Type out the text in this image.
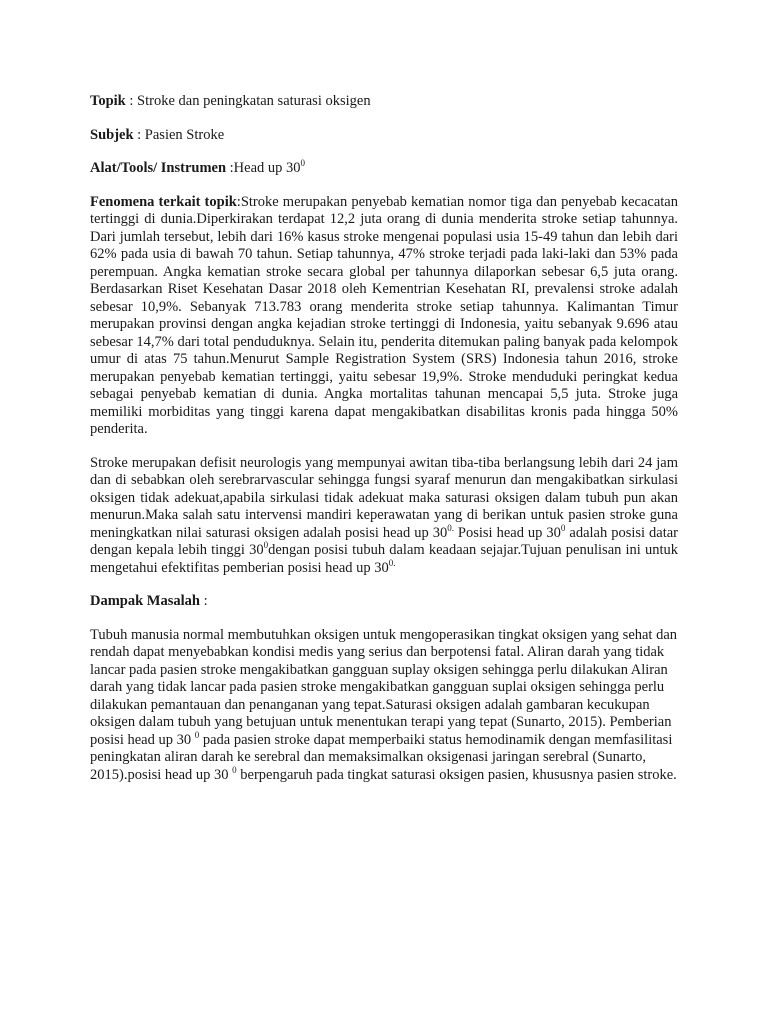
Topik : Stroke dan peningkatan saturasi oksigen

Subjek : Pasien Stroke

Alat/Tools/ Instrumen :Head up $30^0$

Fenomena terkait topik:Stroke merupakan penyebab kematian nomor tiga dan penyebab kecacatan tertinggi di dunia.Diperkirakan terdapat 12,2 juta orang di dunia menderita stroke setiap tahunnya. Dari jumlah tersebut, lebih dari 16% kasus stroke mengenai populasi usia 15-49 tahun dan lebih dari 62% pada usia di bawah 70 tahun. Setiap tahunnya, 47% stroke terjadi pada laki-laki dan 53% pada perempuan. Angka kematian stroke secara global per tahunnya dilaporkan sebesar 6,5 juta orang. Berdasarkan Riset Kesehatan Dasar 2018 oleh Kementrian Kesehatan RI, prevalensi stroke adalah sebesar 10,9%. Sebanyak 713.783 orang menderita stroke setiap tahunnya. Kalimantan Timur merupakan provinsi dengan angka kejadian stroke tertinggi di Indonesia, yaitu sebanyak 9.696 atau sebesar 14,7% dari total penduduknya. Selain itu, penderita ditemukan paling banyak pada kelompok umur di atas 75 tahun.Menurut Sample Registration System (SRS) Indonesia tahun 2016, stroke merupakan penyebab kematian tertinggi, yaitu sebesar 19,9%. Stroke menduduki peringkat kedua sebagai penyebab kematian di dunia. Angka mortalitas tahunan mencapai 5,5 juta. Stroke juga memiliki morbiditas yang tinggi karena dapat mengakibatkan disabilitas kronis pada hingga 50% penderita.

Stroke merupakan defisit neurologis yang mempunyai awitan tiba-tiba berlangsung lebih dari 24 jam dan di sebabkan oleh serebrarvascular sehingga fungsi syaraf menurun dan mengakibatkan sirkulasi oksigen tidak adekuat,apabila sirkulasi tidak adekuat maka saturasi oksigen dalam tubuh pun akan menurun.Maka salah satu intervensi mandiri keperawatan yang di berikan untuk pasien stroke guna meningkatkan nilai saturasi oksigen adalah posisi head up $30^{0.}$ Posisi head up $30^0$ adalah posisi datar dengan kepala lebih tinggi $30^0dengan$ posisi tubuh dalam keadaan sejajar.Tujuan penulisan ini untuk mengetahui efektifitas pemberian posisi head up $30^{0.}$

Dampak Masalah :

Tubuh manusia normal membutuhkan oksigen untuk mengoperasikan tingkat oksigen yang sehat dan rendah dapat menyebabkan kondisi medis yang serius dan berpotensi fatal. Aliran darah yang tidak lancar pada pasien stroke mengakibatkan gangguan suplay oksigen sehingga perlu dilakukan Aliran darah yang tidak lancar pada pasien stroke mengakibatkan gangguan suplai oksigen sehingga perlu dilakukan pemantauan dan penanganan yang tepat.Saturasi oksigen adalah gambaran kecukupan oksigen dalam tubuh yang betujuan untuk menentukan terapi yang tepat (Sunarto, 2015). Pemberian posisi head up 30 $^0$ pada pasien stroke dapat memperbaiki status hemodinamik dengan memfasilitasi peningkatan aliran darah ke serebral dan memaksimalkan oksigenasi jaringan serebral (Sunarto, 2015).posisi head up 30 $^0$ berpengaruh pada tingkat saturasi oksigen pasien, khususnya pasien stroke.
